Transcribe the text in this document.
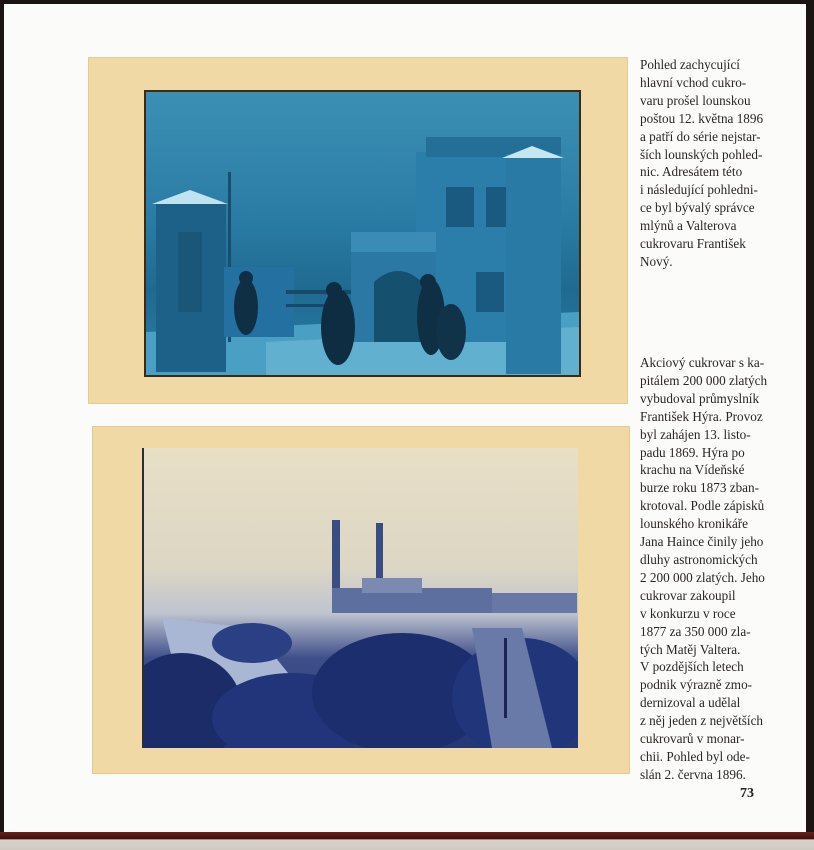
Pohled zachycující
hlavní vchod cukro-
varu prošel lounskou
poštou 12. května 1896
a patří do série nejstar-
ších lounských pohled-
nic. Adresátem této
i následující pohledni-
ce byl bývalý správce
mlýnů a Valterova
cukrovaru František
Nový.
Akciový cukrovar s ka-
pitálem 200 000 zlatých
vybudoval průmyslník
František Hýra. Provoz
byl zahájen 13. listo-
padu 1869. Hýra po
krachu na Vídeňské
burze roku 1873 zban-
krotoval. Podle zápisků
lounského kronikáře
Jana Haince činily jeho
dluhy astronomických
2 200 000 zlatých. Jeho
cukrovar zakoupil
v konkurzu v roce
1877 za 350 000 zla-
tých Matěj Valtera.
V pozdějších letech
podnik výrazně zmo-
dernizoval a udělal
z něj jeden z největších
cukrovarů v monar-
chii. Pohled byl ode-
slán 2. června 1896.
73
